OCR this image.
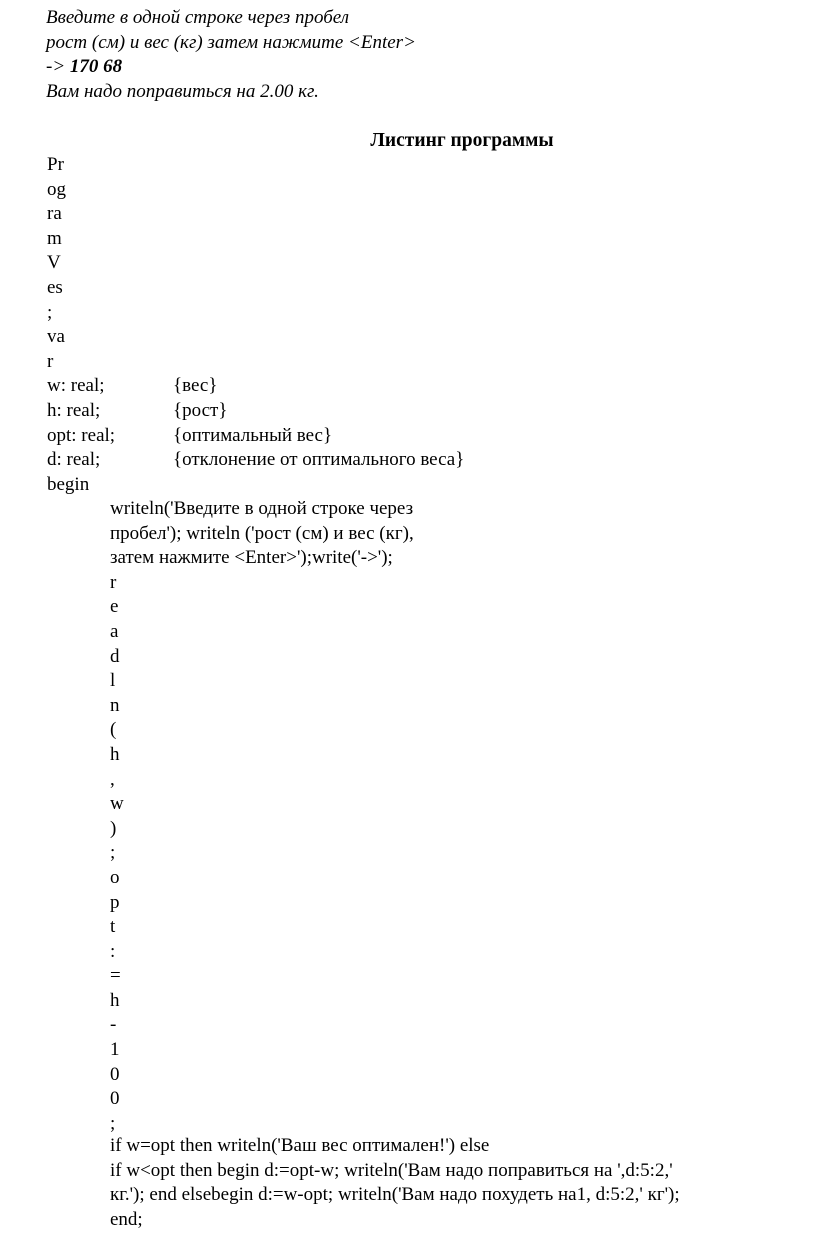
Введите в одной строке через пробел
рост (см) и вес (кг) затем нажмите <Enter>
-> 170 68
Вам надо поправиться на 2.00 кг.
Листинг программы
Pr
og
ra
m
V
es
;
va
r
w: real;	{вес}
h: real;	{рост}
opt: real;	{оптимальный вес}
d: real;	{отклонение от оптимального веса}
begin
writeln('Введите в одной строке через
пробел'); writeln ('рост (см) и вес (кг),
затем нажмите <Enter>');write('->');
r
e
a
d
l
n
(
h
,
w
)
;
o
p
t
:
=
h
-
1
0
0
;
if w=opt then writeln('Ваш вес оптимален!') else
if w<opt then begin d:=opt-w; writeln('Вам надо поправиться на ',d:5:2,'
кг.'); end elsebegin d:=w-opt; writeln('Вам надо похудеть на1, d:5:2,' кг');
end;
